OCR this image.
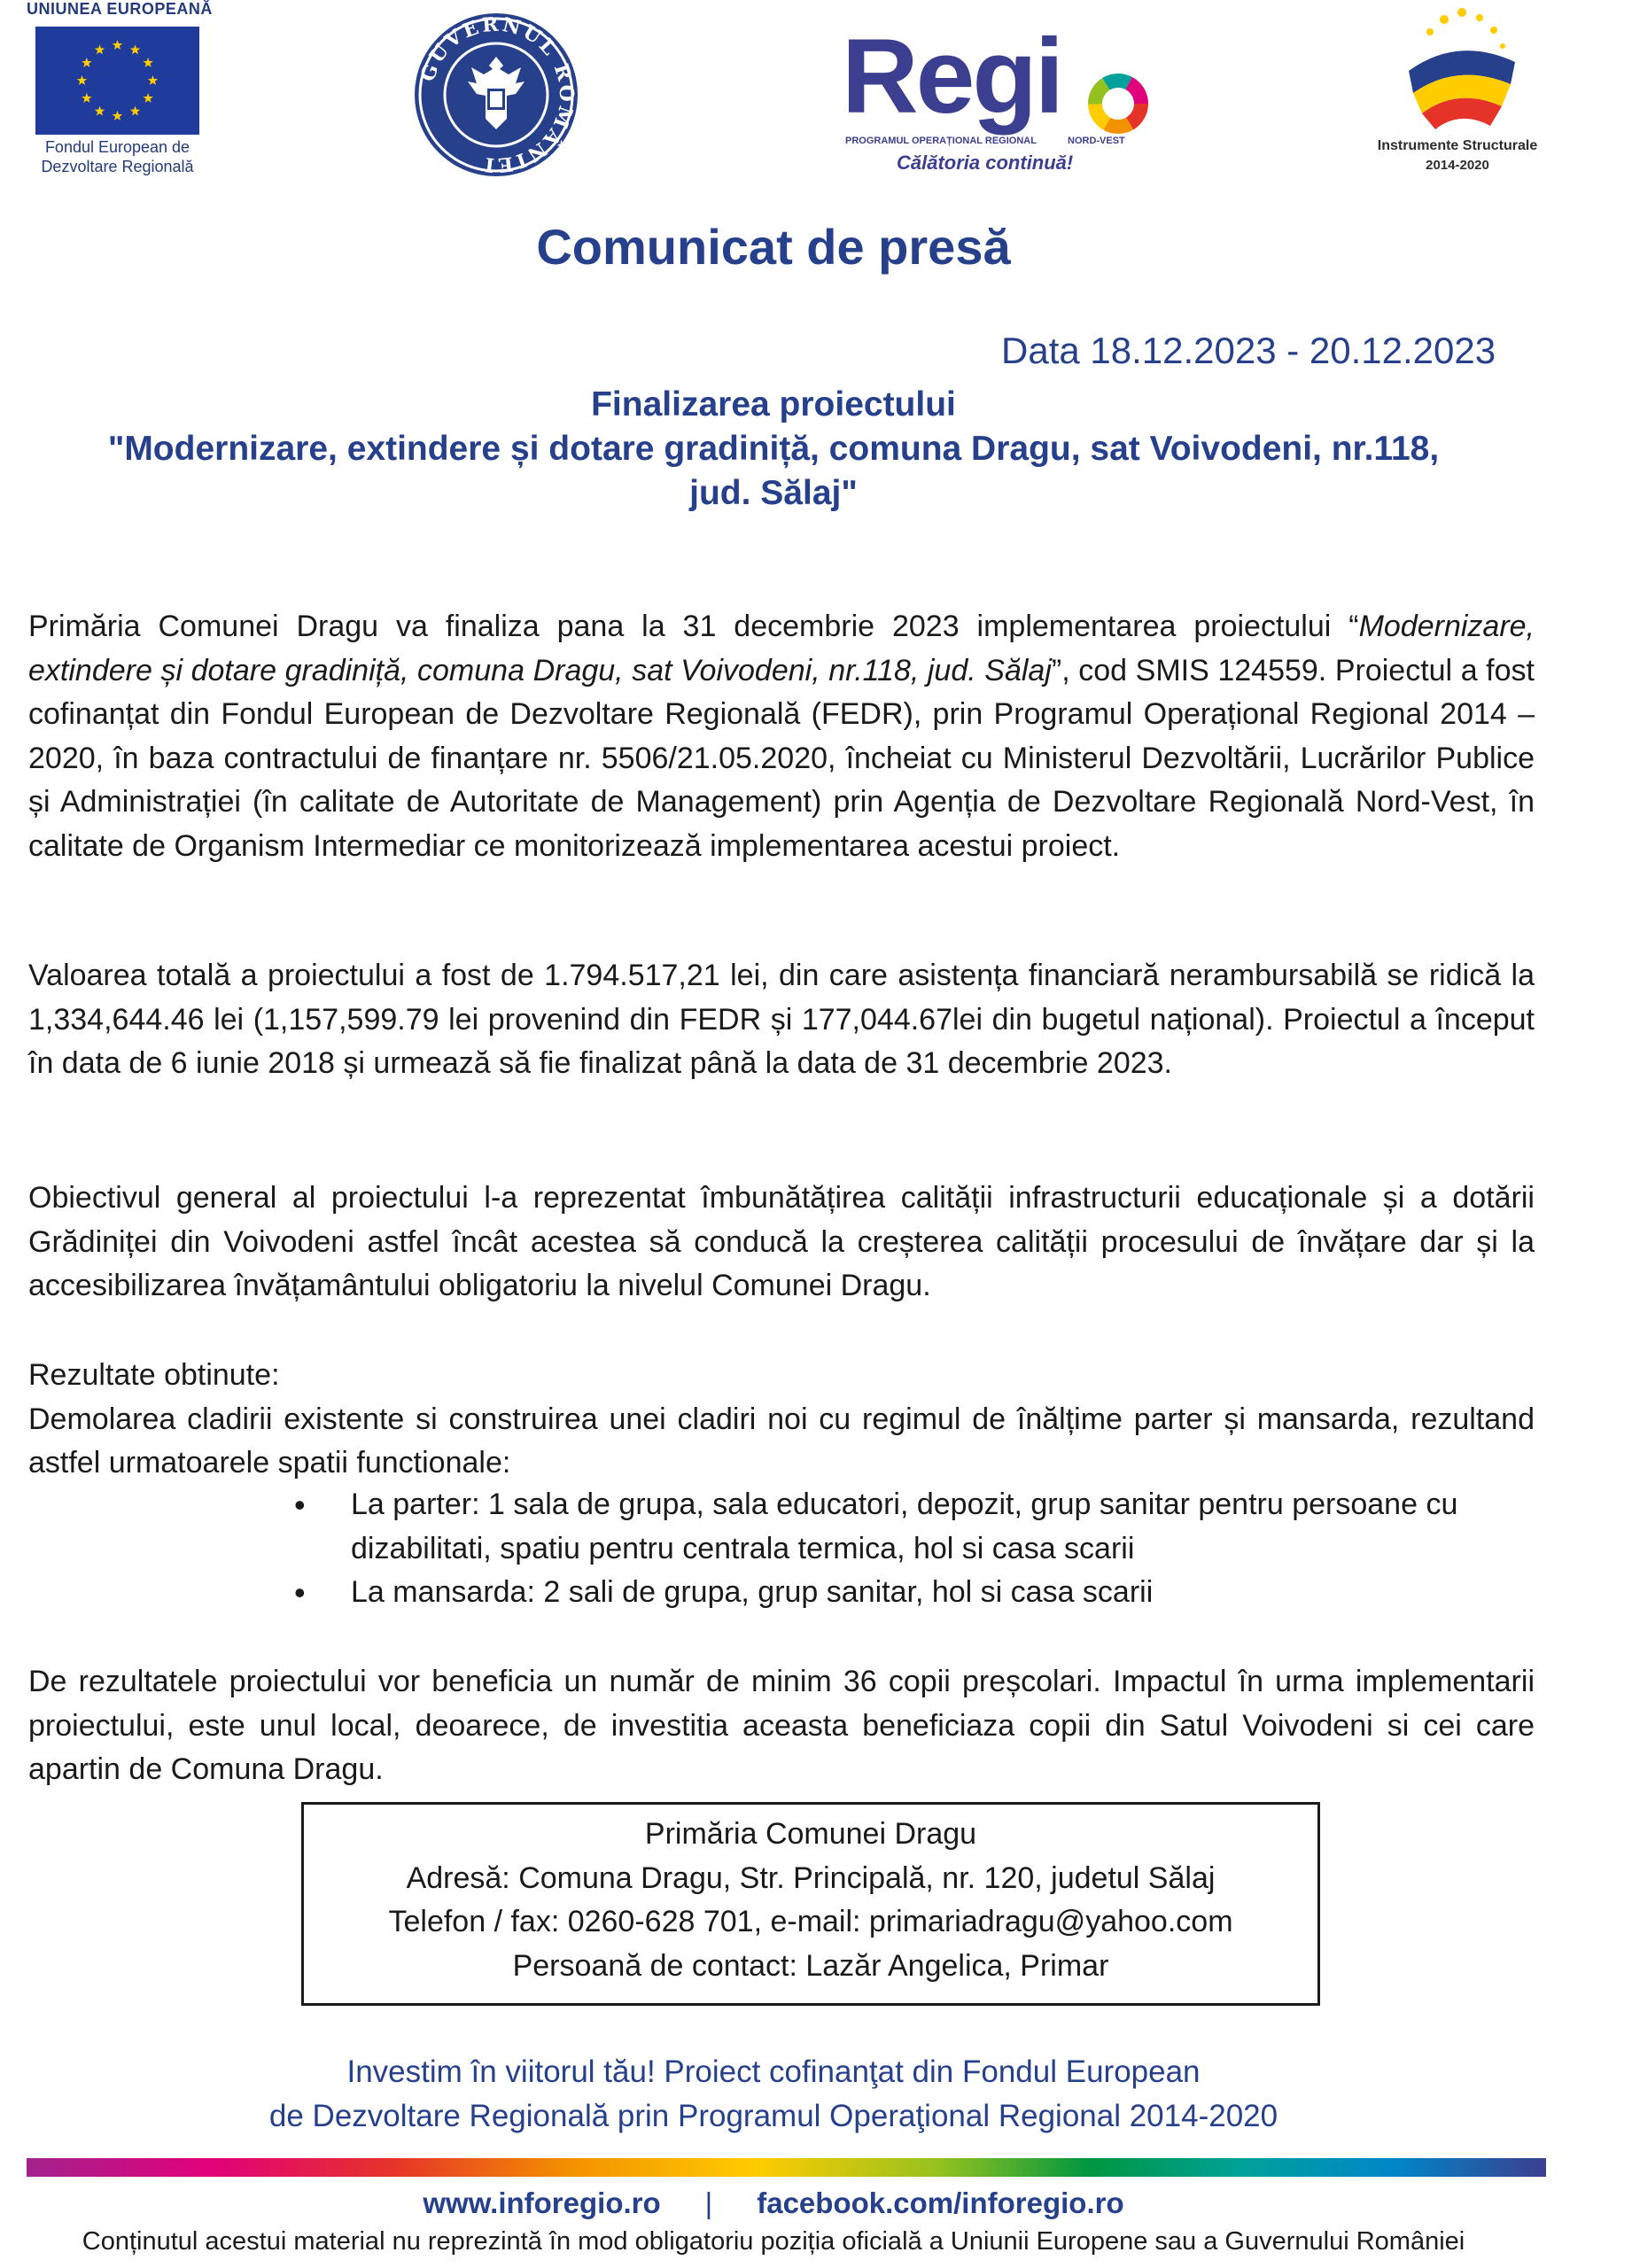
UNIUNEA EUROPEANĂ
Fondul European de
Dezvoltare Regională
GUVERNUL ROMÂNIEI
Regi
PROGRAMUL OPERAȚIONAL REGIONAL	NORD-VEST
Călătoria continuă!
Instrumente Structurale
2014-2020
Comunicat de presă
Data 18.12.2023 - 20.12.2023
Finalizarea proiectului
"Modernizare, extindere și dotare gradiniță, comuna Dragu, sat Voivodeni, nr.118,
jud. Sălaj"

Primăria Comunei Dragu va finaliza pana la 31 decembrie 2023 implementarea proiectului “Modernizare, extindere și dotare gradiniță, comuna Dragu, sat Voivodeni, nr.118, jud. Sălaj”, cod SMIS 124559. Proiectul a fost cofinanțat din Fondul European de Dezvoltare Regională (FEDR), prin Programul Operațional Regional 2014 – 2020, în baza contractului de finanțare nr. 5506/21.05.2020, încheiat cu Ministerul Dezvoltării, Lucrărilor Publice și Administrației (în calitate de Autoritate de Management) prin Agenția de Dezvoltare Regională Nord-Vest, în calitate de Organism Intermediar ce monitorizează implementarea acestui proiect.

Valoarea totală a proiectului a fost de 1.794.517,21 lei, din care asistența financiară nerambursabilă se ridică la 1,334,644.46 lei (1,157,599.79 lei provenind din FEDR și 177,044.67lei din bugetul național). Proiectul a început în data de 6 iunie 2018 și urmează să fie finalizat până la data de 31 decembrie 2023.

Obiectivul general al proiectului l-a reprezentat îmbunătățirea calității infrastructurii educaționale și a dotării Grădiniței din Voivodeni astfel încât acestea să conducă la creșterea calității procesului de învățare dar și la accesibilizarea învățamântului obligatoriu la nivelul Comunei Dragu.

Rezultate obtinute:

Demolarea cladirii existente si construirea unei cladiri noi cu regimul de înălțime parter și mansarda, rezultand astfel urmatoarele spatii functionale:

• La parter: 1 sala de grupa, sala educatori, depozit, grup sanitar pentru persoane cu dizabilitati, spatiu pentru centrala termica, hol si casa scarii
• La mansarda: 2 sali de grupa, grup sanitar, hol si casa scarii

De rezultatele proiectului vor beneficia un număr de minim 36 copii preșcolari. Impactul în urma implementarii proiectului, este unul local, deoarece, de investitia aceasta beneficiaza copii din Satul Voivodeni si cei care apartin de Comuna Dragu.

Primăria Comunei Dragu
Adresă: Comuna Dragu, Str. Principală, nr. 120, judetul Sălaj
Telefon / fax: 0260-628 701, e-mail: primariadragu@yahoo.com
Persoană de contact: Lazăr Angelica, Primar
Investim în viitorul tău! Proiect cofinanţat din Fondul European
de Dezvoltare Regională prin Programul Operaţional Regional 2014-2020
www.inforegio.ro | facebook.com/inforegio.ro
Conținutul acestui material nu reprezintă în mod obligatoriu poziția oficială a Uniunii Europene sau a Guvernului României
